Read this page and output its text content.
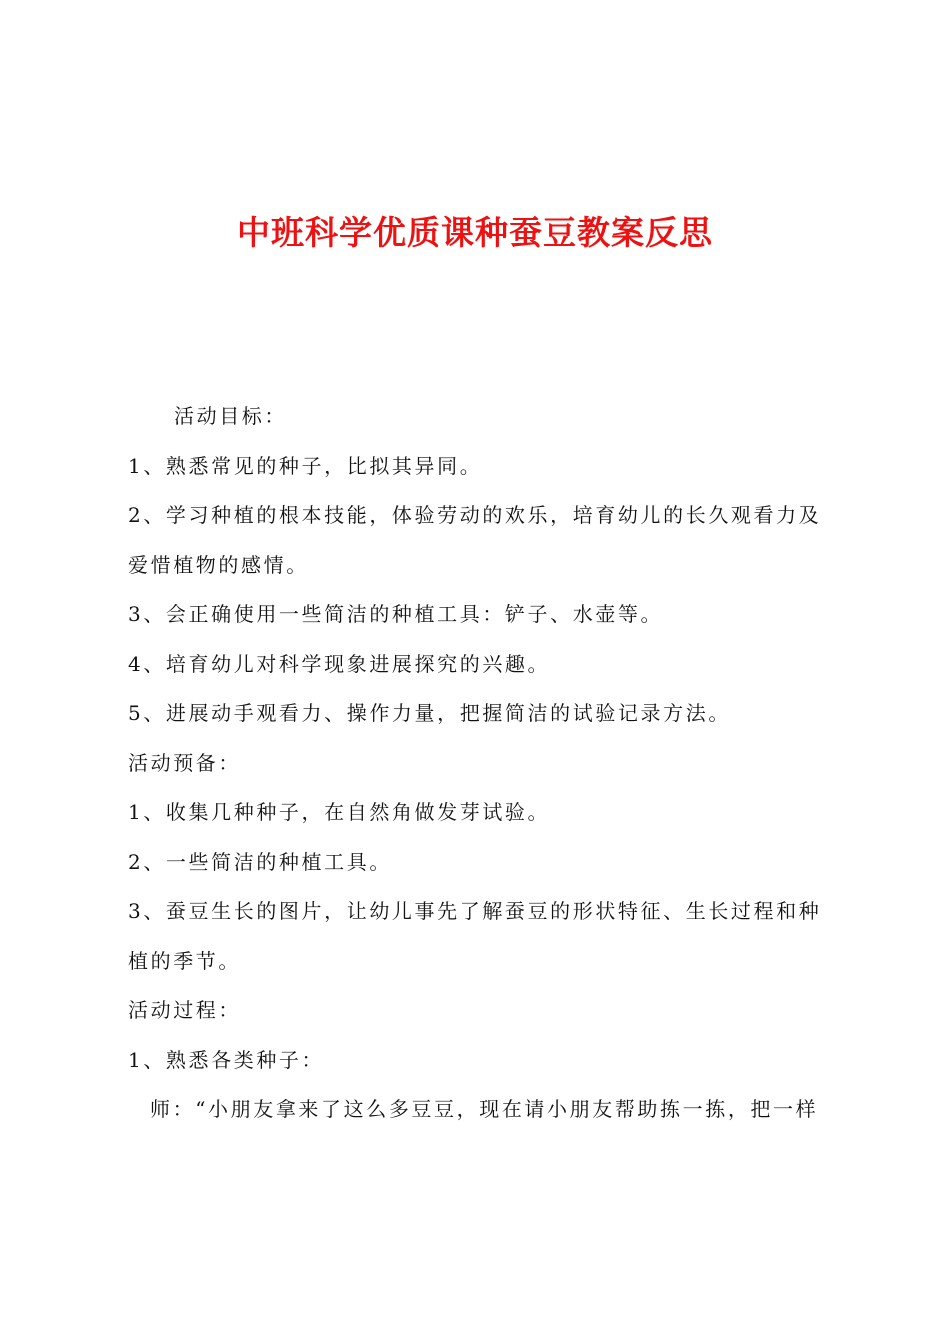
中班科学优质课种蚕豆教案反思

活动目标：

1、熟悉常见的种子，比拟其异同。

2、学习种植的根本技能，体验劳动的欢乐，培育幼儿的长久观看力及爱惜植物的感情。

3、会正确使用一些简洁的种植工具：铲子、水壶等。

4、培育幼儿对科学现象进展探究的兴趣。

5、进展动手观看力、操作力量，把握简洁的试验记录方法。

活动预备：

1、收集几种种子，在自然角做发芽试验。

2、一些简洁的种植工具。

3、蚕豆生长的图片，让幼儿事先了解蚕豆的形状特征、生长过程和种植的季节。

活动过程：

1、熟悉各类种子：

师：“小朋友拿来了这么多豆豆，现在请小朋友帮助拣一拣，把一样
